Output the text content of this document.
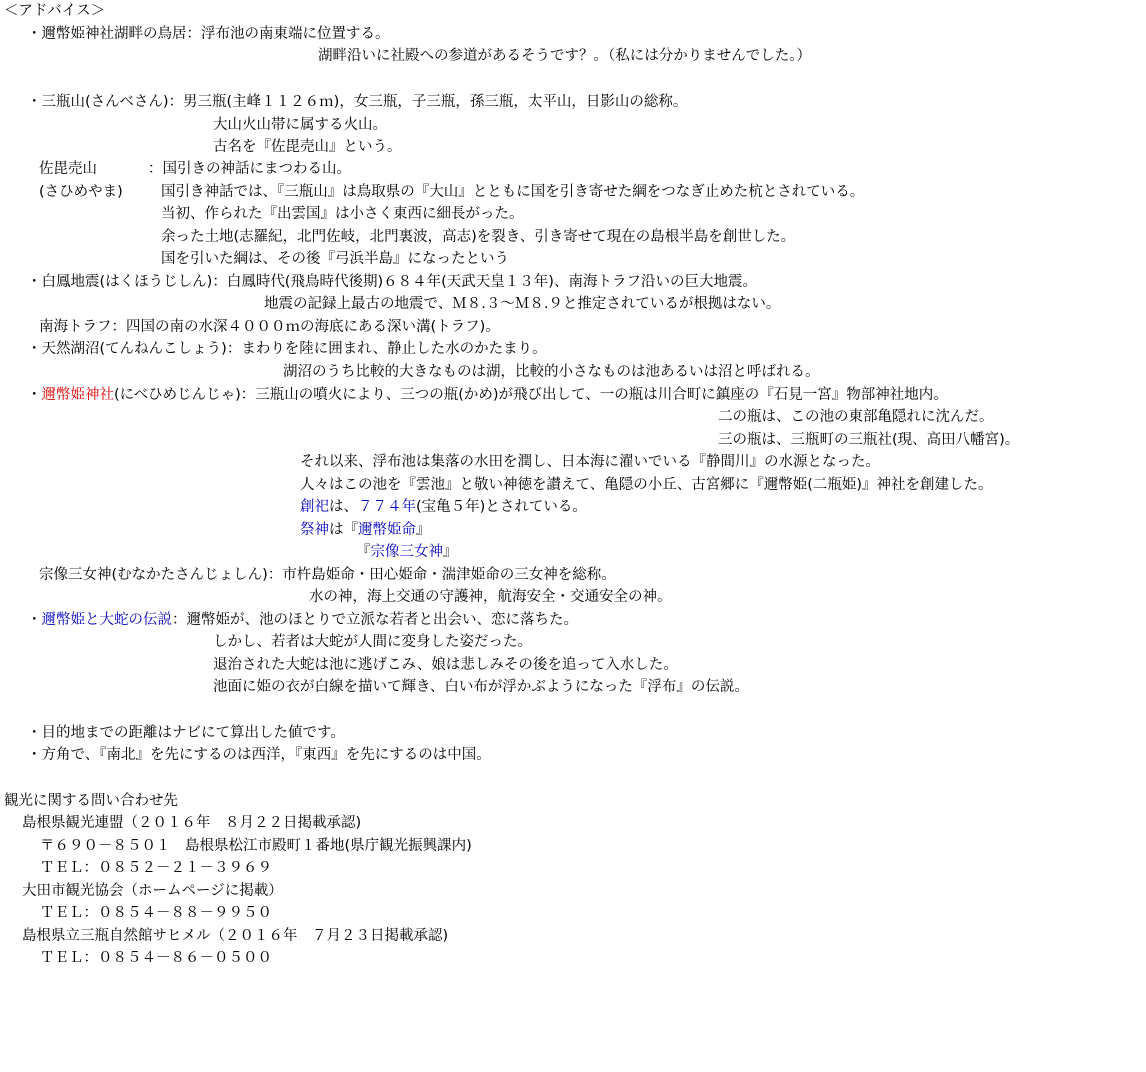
＜アドバイス＞
・邇幣姫神社湖畔の鳥居：浮布池の南東端に位置する。
湖畔沿いに社殿への参道があるそうです？。（私には分かりませんでした。）
・三瓶山(さんべさん)：男三瓶(主峰１１２６ｍ)，女三瓶，子三瓶，孫三瓶，太平山，日影山の総称。
大山火山帯に属する火山。
古名を『佐毘売山』という。
佐毘売山	：国引きの神話にまつわる山。
(さひめやま)	国引き神話では、『三瓶山』は鳥取県の『大山』とともに国を引き寄せた綱をつなぎ止めた杭とされている。
当初、作られた『出雲国』は小さく東西に細長がった。
余った土地(志羅紀，北門佐岐，北門裏波，高志)を裂き、引き寄せて現在の島根半島を創世した。
国を引いた綱は、その後『弓浜半島』になったという
・白鳳地震(はくほうじしん)：白鳳時代(飛鳥時代後期)６８４年(天武天皇１３年)、南海トラフ沿いの巨大地震。
地震の記録上最古の地震で、Ｍ８.３～Ｍ８.９と推定されているが根拠はない。
南海トラフ：四国の南の水深４０００ｍの海底にある深い溝(トラフ)。
・天然湖沼(てんねんこしょう)：まわりを陸に囲まれ、静止した水のかたまり。
湖沼のうち比較的大きなものは湖，比較的小さなものは池あるいは沼と呼ばれる。
・邇幣姫神社(にべひめじんじゃ)：三瓶山の噴火により、三つの瓶(かめ)が飛び出して、一の瓶は川合町に鎮座の『石見一宮』物部神社地内。
二の瓶は、この池の東部亀隠れに沈んだ。
三の瓶は、三瓶町の三瓶社(現、高田八幡宮)。
それ以来、浮布池は集落の水田を潤し、日本海に濯いでいる『静間川』の水源となった。
人々はこの池を『雲池』と敬い神徳を讃えて、亀隠の小丘、古宮郷に『邇幣姫(二瓶姫)』神社を創建した。
創祀は、７７４年(宝亀５年)とされている。
祭神は『邇幣姫命』
『宗像三女神』
宗像三女神(むなかたさんじょしん)：市杵島姫命・田心姫命・湍津姫命の三女神を総称。
水の神，海上交通の守護神，航海安全・交通安全の神。
・邇幣姫と大蛇の伝説：邇幣姫が、池のほとりで立派な若者と出会い、恋に落ちた。
しかし、若者は大蛇が人間に変身した姿だった。
退治された大蛇は池に逃げこみ、娘は悲しみその後を追って入水した。
池面に姫の衣が白線を描いて輝き、白い布が浮かぶようになった『浮布』の伝説。
・目的地までの距離はナビにて算出した値です。
・方角で、『南北』を先にするのは西洋，『東西』を先にするのは中国。
観光に関する問い合わせ先
島根県観光連盟（２０１６年　８月２２日掲載承認)
〒６９０－８５０１　島根県松江市殿町１番地(県庁観光振興課内)
ＴＥＬ：０８５２－２１－３９６９
大田市観光協会（ホームページに掲載）
ＴＥＬ：０８５４－８８－９９５０
島根県立三瓶自然館サヒメル（２０１６年　７月２３日掲載承認)
ＴＥＬ：０８５４－８６－０５００
